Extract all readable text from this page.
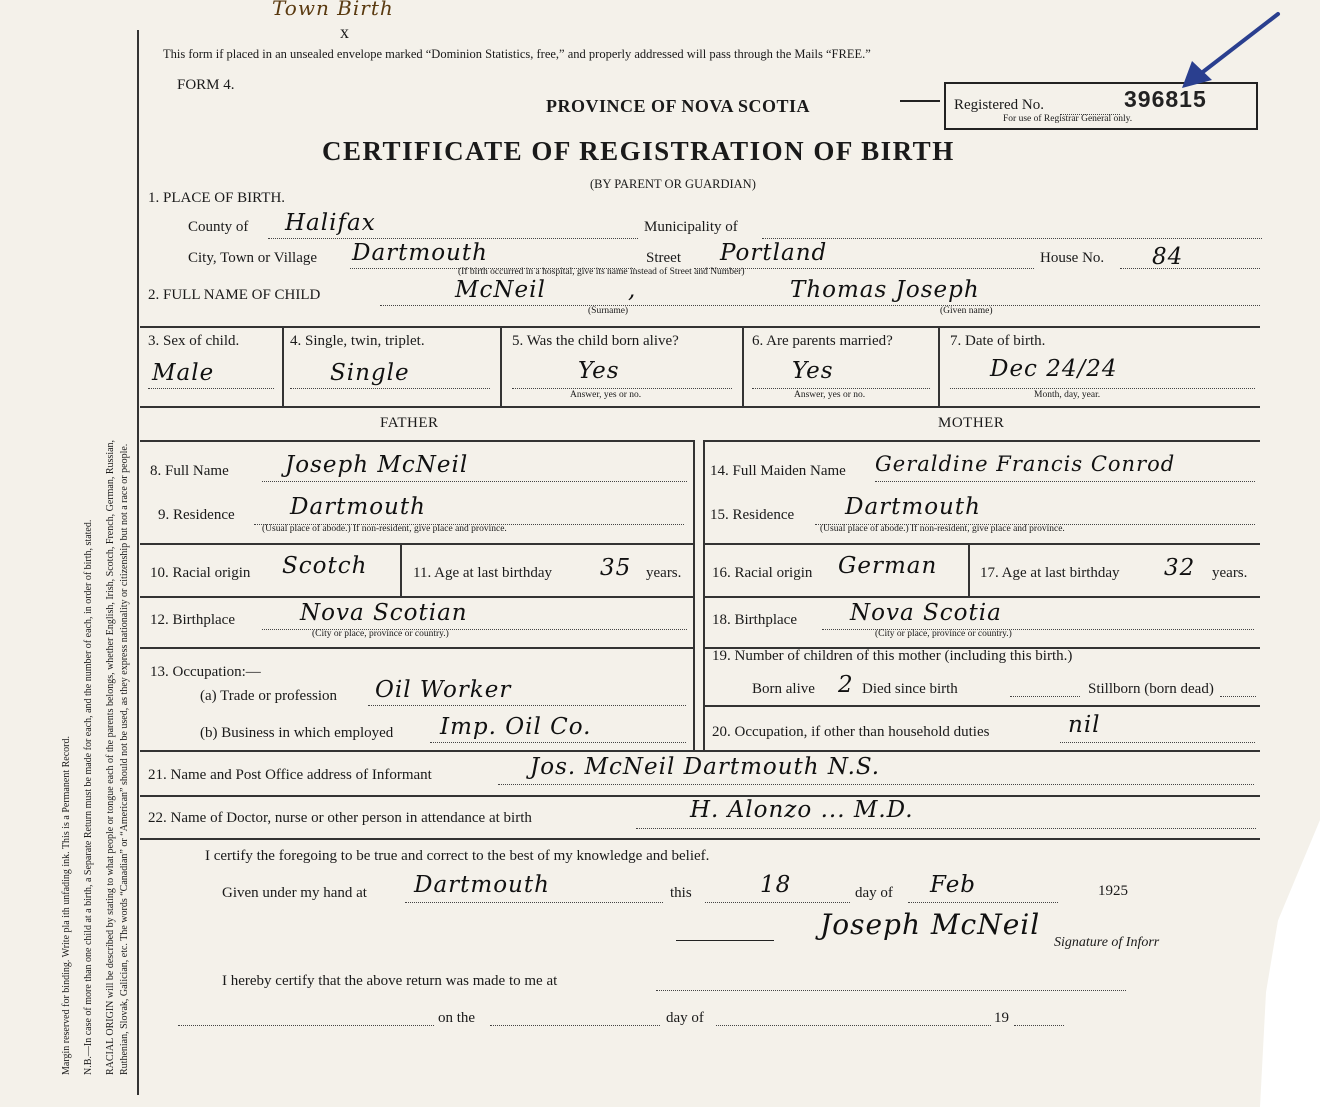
Margin reserved for binding. Write pla ith unfading ink. This is a Permanent Record. N.B.—In case of more than one child at a birth, a Separate Return must be made for each, and the number of each, in order of birth, stated. RACIAL ORIGIN will be described by stating to what people or tongue each of the parents belongs, whether English, Irish, Scotch, French, German, Russian, Ruthenian, Slovak, Galician, etc. The words “Canadian” or “American” should not be used, as they express nationality or citizenship but not a race or people.
Town Birth
x
This form if placed in an unsealed envelope marked “Dominion Statistics, free,” and properly addressed will pass through the Mails “FREE.”
FORM 4.
PROVINCE OF NOVA SCOTIA	Registered No.	396815
For use of Registrar General only.
CERTIFICATE OF REGISTRATION OF BIRTH
(BY PARENT OR GUARDIAN)
1. PLACE OF BIRTH.
County of Halifax	Municipality of
City, Town or Village Dartmouth	Street Portland	House No. 84
(If birth occurred in a hospital, give its name instead of Street and Number)
2. FULL NAME OF CHILD	McNeil	,	Thomas Joseph
(Surname)	(Given name)
3. Sex of child.
Male
4. Single, twin, triplet.
Single
5. Was the child born alive?
Yes
Answer, yes or no.
6. Are parents married?
Yes
Answer, yes or no.
7. Date of birth.
Dec 24/24
Month, day, year.
FATHER	MOTHER
8. Full Name Joseph McNeil
9. Residence Dartmouth
(Usual place of abode.) If non-resident, give place and province.
10. Racial origin Scotch	11. Age at last birthday 35 years.
12. Birthplace	Nova Scotian
(City or place, province or country.)
13. Occupation:—
(a) Trade or profession Oil Worker
(b) Business in which employed Imp. Oil Co.
14. Full Maiden Name Geraldine Francis Conrod
15. Residence Dartmouth
(Usual place of abode.) If non-resident, give place and province.
16. Racial origin German	17. Age at last birthday 32 years.
18. Birthplace Nova Scotia
(City or place, province or country.)
19. Number of children of this mother (including this birth.)
Born alive 2 Died since birth	Stillborn (born dead)
20. Occupation, if other than household duties	nil
21. Name and Post Office address of Informant	Jos. McNeil Dartmouth N.S.
22. Name of Doctor, nurse or other person in attendance at birth	H. Alonzo ... M.D.
I certify the foregoing to be true and correct to the best of my knowledge and belief.
Given under my hand at Dartmouth	this	18	day of Feb	1925
Joseph McNeil
Signature of Inforr
I hereby certify that the above return was made to me at
on the	day of	19
